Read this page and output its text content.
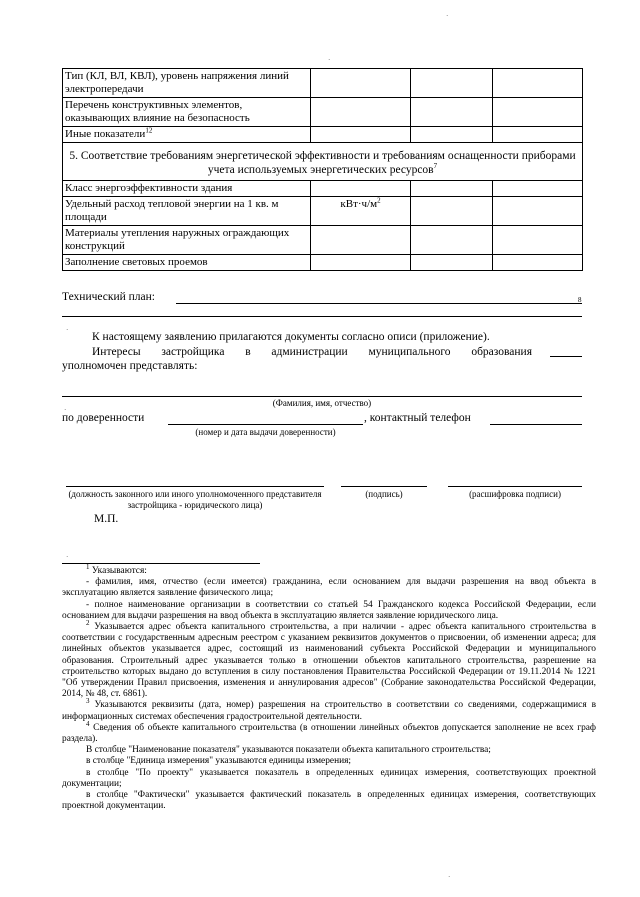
Тип (КЛ, ВЛ, КВЛ), уровень напряжения линий электропередачи			
Перечень конструктивных элементов, оказывающих влияние на безопасность			
Иные показатели$^{12}$			
5. Соответствие требованиям энергетической эффективности и требованиям оснащенности приборами учета используемых энергетических ресурсов$^7$
Класс энергоэффективности здания			
Удельный расход тепловой энергии на 1 кв. м площади	$кВт\cdot ч/м^2$		
Материалы утепления наружных ограждающих конструкций			
Заполнение световых проемов			
Технический план:	8
К настоящему заявлению прилагаются документы согласно описи (приложение).
Интересы застройщика в администрации муниципального образования
уполномочен представлять:
(Фамилия, имя, отчество)
по доверенности	, контактный телефон
(номер и дата выдачи доверенности)
(должность законного или иного уполномоченного представителя застройщика - юридического лица)
(подпись)	(расшифровка подписи)
М.П.

$^1$ Указываются:

- фамилия, имя, отчество (если имеется) гражданина, если основанием для выдачи разрешения на ввод объекта в эксплуатацию является заявление физического лица;

- полное наименование организации в соответствии со статьей 54 Гражданского кодекса Российской Федерации, если основанием для выдачи разрешения на ввод объекта в эксплуатацию является заявление юридического лица.

$^2$ Указывается адрес объекта капитального строительства, а при наличии - адрес объекта капитального строительства в соответствии с государственным адресным реестром с указанием реквизитов документов о присвоении, об изменении адреса; для линейных объектов указывается адрес, состоящий из наименований субъекта Российской Федерации и муниципального образования. Строительный адрес указывается только в отношении объектов капитального строительства, разрешение на строительство которых выдано до вступления в силу постановления Правительства Российской Федерации от 19.11.2014 № 1221 "Об утверждении Правил присвоения, изменения и аннулирования адресов" (Собрание законодательства Российской Федерации, 2014, № 48, ст. 6861).

$^3$ Указываются реквизиты (дата, номер) разрешения на строительство в соответствии со сведениями, содержащимися в информационных системах обеспечения градостроительной деятельности.

$^4$ Сведения об объекте капитального строительства (в отношении линейных объектов допускается заполнение не всех граф раздела).

В столбце "Наименование показателя" указываются показатели объекта капитального строительства;

в столбце "Единица измерения" указываются единицы измерения;

в столбце "По проекту" указывается показатель в определенных единицах измерения, соответствующих проектной документации;

в столбце "Фактически" указывается фактический показатель в определенных единицах измерения, соответствующих проектной документации.

·
·
·
·
·
·
